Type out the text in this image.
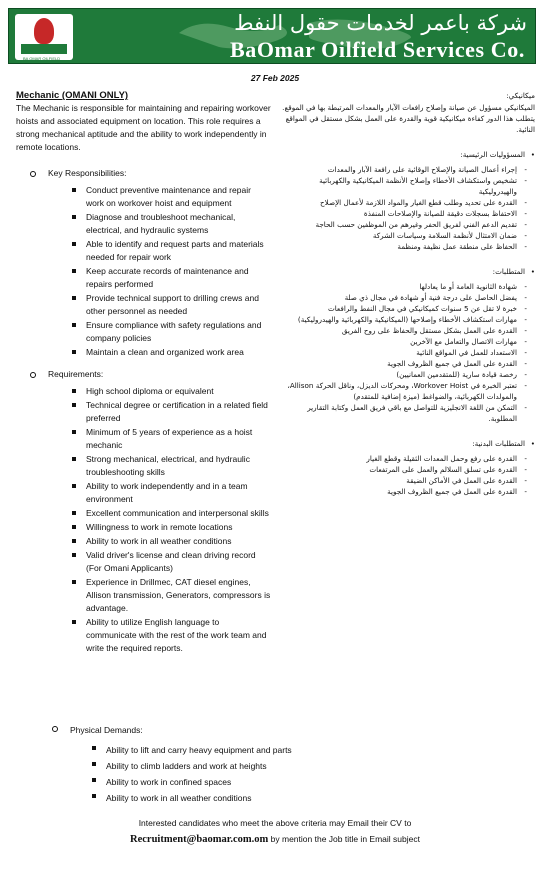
BA OMAR OILFIELD
شركة باعمر لخدمات حقول النفط
BaOmar Oilfield Services Co.
27 Feb 2025
Mechanic (OMANI ONLY)

The Mechanic is responsible for maintaining and repairing workover hoists and associated equipment on location. This role requires a strong mechanical aptitude and the ability to work independently in remote locations.

Key Responsibilities:
Conduct preventive maintenance and repair work on workover hoist and equipment
Diagnose and troubleshoot mechanical, electrical, and hydraulic systems
Able to identify and request parts and materials needed for repair work
Keep accurate records of maintenance and repairs performed
Provide technical support to drilling crews and other personnel as needed
Ensure compliance with safety regulations and company policies
Maintain a clean and organized work area
Requirements:
High school diploma or equivalent
Technical degree or certification in a related field preferred
Minimum of 5 years of experience as a hoist mechanic
Strong mechanical, electrical, and hydraulic troubleshooting skills
Ability to work independently and in a team environment
Excellent communication and interpersonal skills
Willingness to work in remote locations
Ability to work in all weather conditions
Valid driver's license and clean driving record (For Omani Applicants)
Experience in Drillmec, CAT diesel engines, Allison transmission, Generators, compressors is advantage.
Ability to utilize English language to communicate with the rest of the work team and write the required reports.
Physical Demands:
Ability to lift and carry heavy equipment and parts
Ability to climb ladders and work at heights
Ability to work in confined spaces
Ability to work in all weather conditions
ميكانيكي:

الميكانيكي مسؤول عن صيانة وإصلاح رافعات الآبار والمعدات المرتبطة بها في الموقع. يتطلب هذا الدور كفاءة ميكانيكية قوية والقدرة على العمل بشكل مستقل في المواقع النائية.

• المسؤوليات الرئيسية:
- إجراء أعمال الصيانة والإصلاح الوقائية على رافعة الآبار والمعدات
- تشخيص واستكشاف الأخطاء وإصلاح الأنظمة الميكانيكية والكهربائية والهيدروليكية
- القدرة على تحديد وطلب قطع الغيار والمواد اللازمة لأعمال الإصلاح
- الاحتفاظ بسجلات دقيقة للصيانة والإصلاحات المنفذة
- تقديم الدعم الفني لفريق الحفر وغيرهم من الموظفين حسب الحاجة
- ضمان الامتثال لأنظمة السلامة وسياسات الشركة
- الحفاظ على منطقة عمل نظيفة ومنظمة
• المتطلبات:
- شهادة الثانوية العامة أو ما يعادلها
- يفضل الحاصل على درجة فنية أو شهادة في مجال ذي صلة
- خبرة لا تقل عن 5 سنوات كميكانيكي في مجال النفط والرافعات
- مهارات استكشاف الأخطاء وإصلاحها (الميكانيكية والكهربائية والهيدروليكية)
- القدرة على العمل بشكل مستقل والحفاظ على روح الفريق
- مهارات الاتصال والتعامل مع الآخرين
- الاستعداد للعمل في المواقع النائية
- القدرة على العمل في جميع الظروف الجوية
- رخصة قيادة سارية (للمتقدمين العمانيين)
- تعتبر الخبرة في Workover Hoist، ومحركات الديزل، وناقل الحركة Allison، والمولدات الكهربائية، والضواغط (ميزة إضافية للمتقدم)
- التمكن من اللغة الانجليزية للتواصل مع باقي فريق العمل وكتابة التقارير المطلوبة.
• المتطلبات البدنية:
- القدرة على رفع وحمل المعدات الثقيلة وقطع الغيار
- القدرة على تسلق السلالم والعمل على المرتفعات
- القدرة على العمل في الأماكن الضيقة
- القدرة على العمل في جميع الظروف الجوية
Interested candidates who meet the above criteria may Email their CV to
Recruitment@baomar.com.om by mention the Job title in Email subject
